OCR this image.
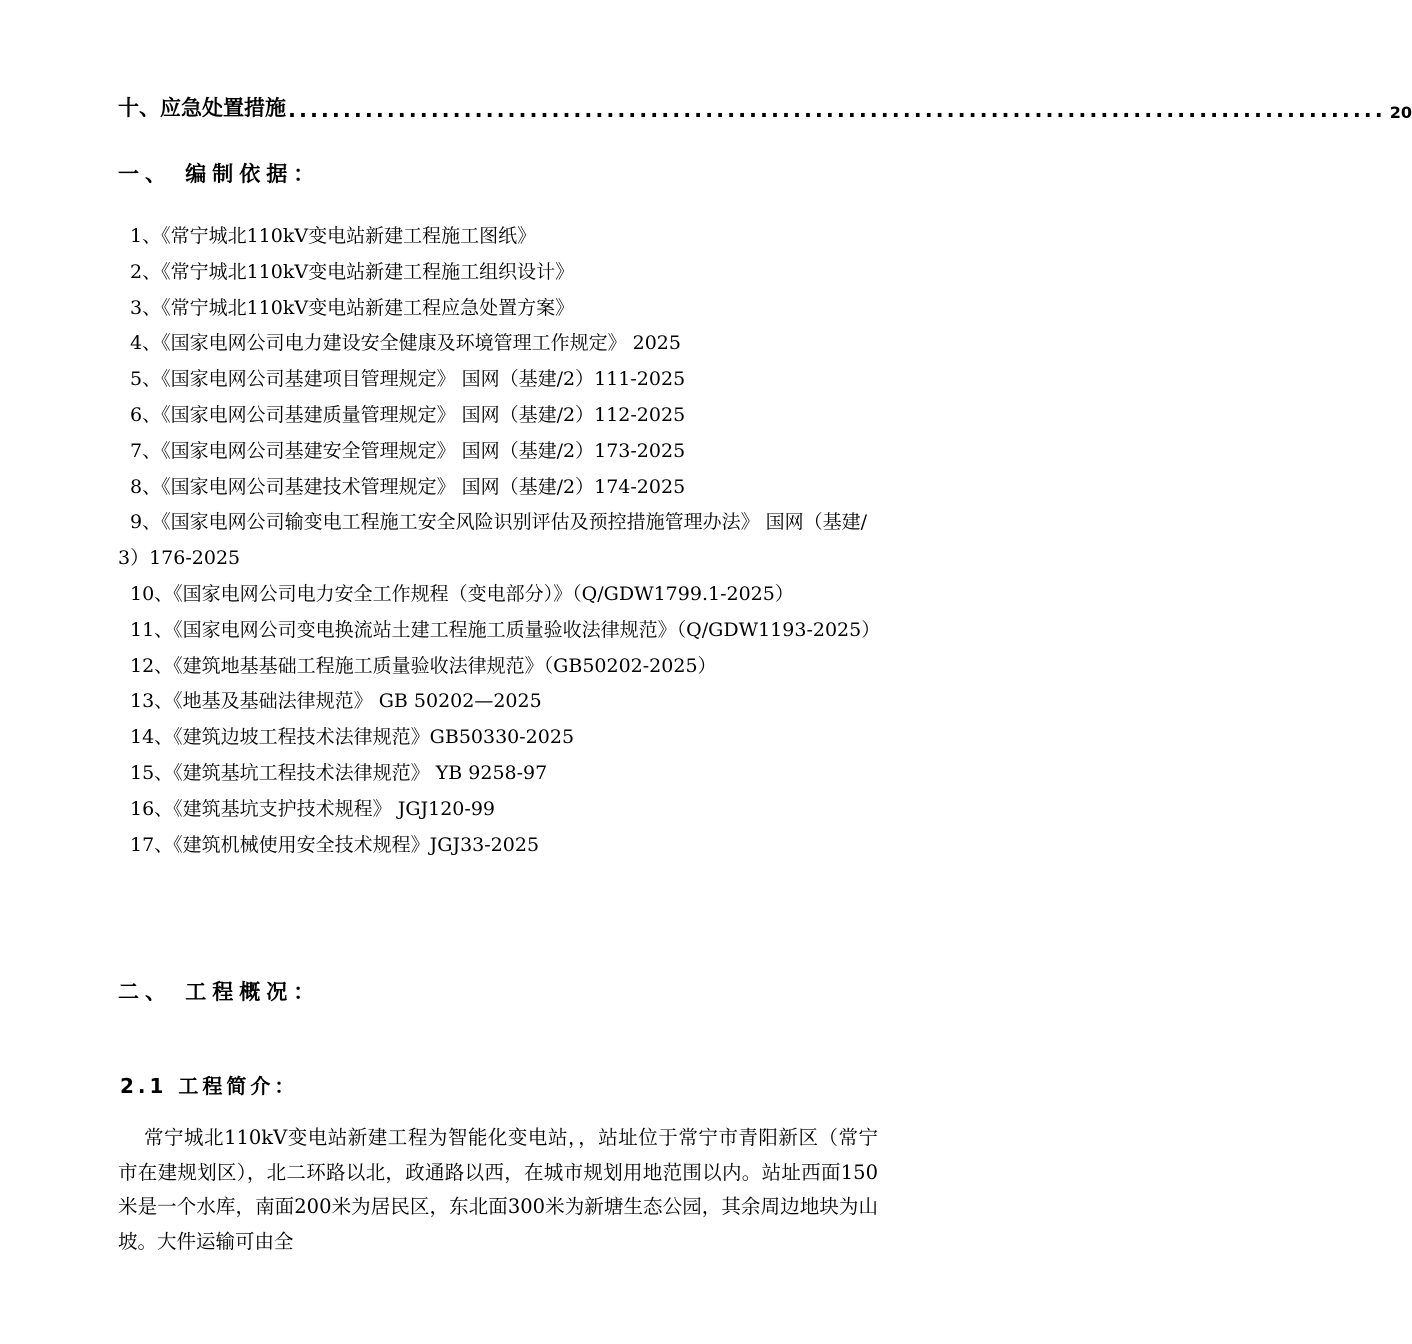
十、应急处置措施 .................................................................................................... 20
一、 编制依据：
1、《常宁城北110kV变电站新建工程施工图纸》
2、《常宁城北110kV变电站新建工程施工组织设计》
3、《常宁城北110kV变电站新建工程应急处置方案》
4、《国家电网公司电力建设安全健康及环境管理工作规定》 2025
5、《国家电网公司基建项目管理规定》 国网（基建/2）111-2025
6、《国家电网公司基建质量管理规定》 国网（基建/2）112-2025
7、《国家电网公司基建安全管理规定》 国网（基建/2）173-2025
8、《国家电网公司基建技术管理规定》 国网（基建/2）174-2025
9、《国家电网公司输变电工程施工安全风险识别评估及预控措施管理办法》 国网（基建/3）176-2025
10、《国家电网公司电力安全工作规程（变电部分）》（Q/GDW1799.1-2025）
11、《国家电网公司变电换流站土建工程施工质量验收法律规范》（Q/GDW1193-2025）
12、《建筑地基基础工程施工质量验收法律规范》（GB50202-2025）
13、《地基及基础法律规范》 GB 50202—2025
14、《建筑边坡工程技术法律规范》GB50330-2025
15、《建筑基坑工程技术法律规范》 YB 9258-97
16、《建筑基坑支护技术规程》 JGJ120-99
17、《建筑机械使用安全技术规程》JGJ33-2025
二、 工程概况：
2.1 工程简介：
常宁城北110kV变电站新建工程为智能化变电站，，站址位于常宁市青阳新区（常宁市在建规划区），北二环路以北，政通路以西，在城市规划用地范围以内。站址西面150米是一个水库，南面200米为居民区，东北面300米为新塘生态公园，其余周边地块为山坡。大件运输可由全
